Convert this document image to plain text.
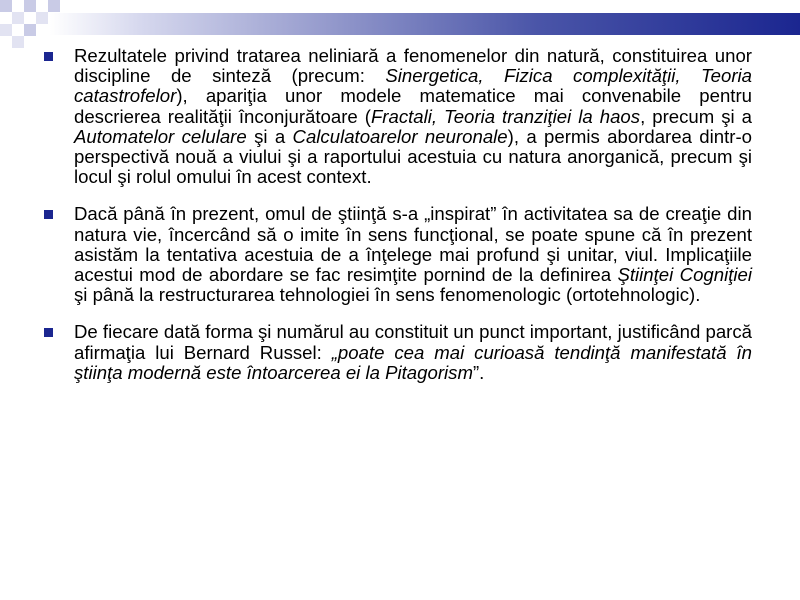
Rezultatele privind tratarea neliniară a fenomenelor din natură, constituirea unor discipline de sinteză (precum: Sinergetica, Fizica complexităţii, Teoria catastrofelor), apariţia unor modele matematice mai convenabile pentru descrierea realităţii înconjurătoare (Fractali, Teoria tranziţiei la haos, precum şi a Automatelor celulare şi a Calculatoarelor neuronale), a permis abordarea dintr-o perspectivă nouă a viului şi a raportului acestuia cu natura anorganică, precum şi locul şi rolul omului în acest context.
Dacă până în prezent, omul de ştiinţă s-a „inspirat” în activitatea sa de creaţie din natura vie, încercând să o imite în sens funcţional, se poate spune că în prezent asistăm la tentativa acestuia de a înţelege mai profund şi unitar, viul. Implicaţiile acestui mod de abordare se fac resimţite pornind de la definirea Ştiinţei Cogniţiei şi până la restructurarea tehnologiei în sens fenomenologic (ortotehnologic).
De fiecare dată forma şi numărul au constituit un punct important, justificând parcă afirmaţia lui Bernard Russel: „poate cea mai curioasă tendinţă manifestată în ştiinţa modernă este întoarcerea ei la Pitagorism”.
